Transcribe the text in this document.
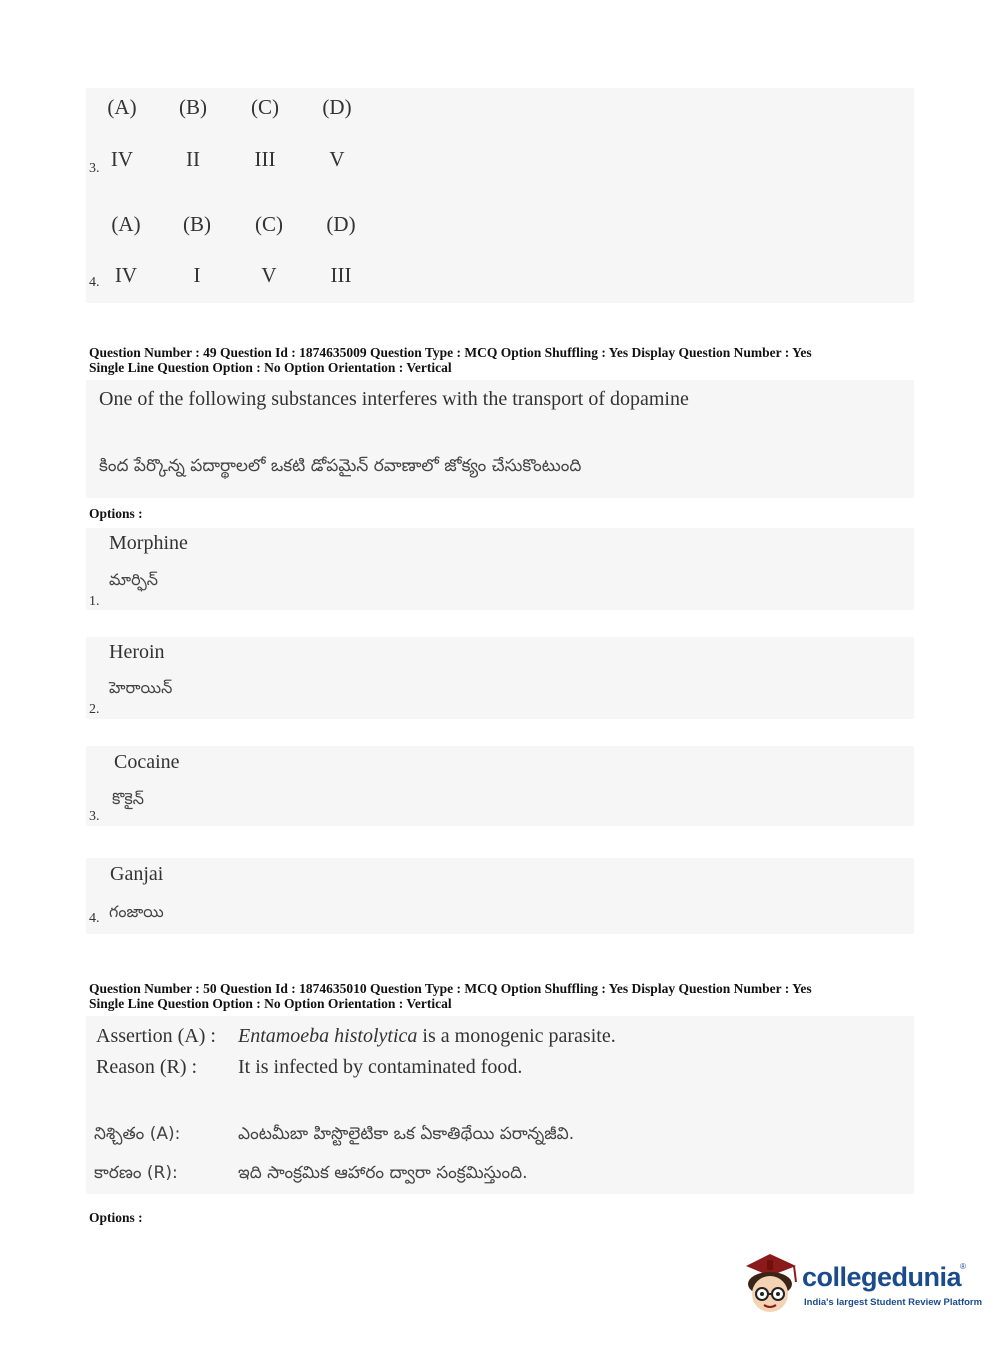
(A) (B) (C) (D)
3. IV	II	III	V
(A) (B) (C) (D)
4. IV	I	V	III
Question Number : 49 Question Id : 1874635009 Question Type : MCQ Option Shuffling : Yes Display Question Number : Yes
Single Line Question Option : No Option Orientation : Vertical
One of the following substances interferes with the transport of dopamine
కింద పేర్కొన్న పదార్థాలలో ఒకటి డోపమైన్ రవాణాలో జోక్యం చేసుకొంటుంది
Options :
Morphine
మార్ఫిన్
1.
Heroin
హెరాయిన్
2.
Cocaine
కొకైన్
3.
Ganjai
గంజాయి
4.
Question Number : 50 Question Id : 1874635010 Question Type : MCQ Option Shuffling : Yes Display Question Number : Yes
Single Line Question Option : No Option Orientation : Vertical
Assertion (A) : Entamoeba histolytica is a monogenic parasite.
Reason (R) : It is infected by contaminated food.
నిశ్చితం (A):	ఎంటమీబా హిస్టొలైటికా ఒక ఏకాతిథేయి పరాన్నజీవి.
కారణం (R):	ఇది సాంక్రమిక ఆహారం ద్వారా సంక్రమిస్తుంది.
Options :
collegedunia
®
India's largest Student Review Platform
